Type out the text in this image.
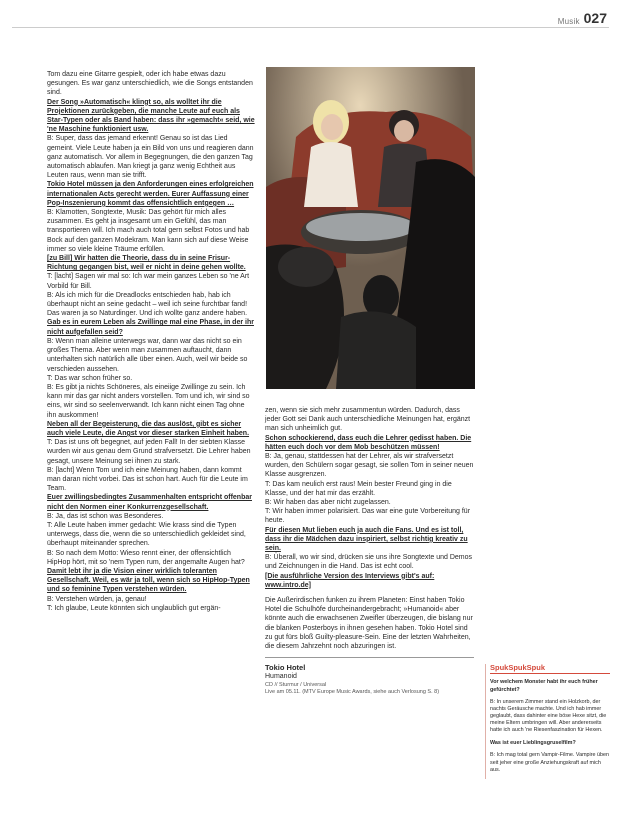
Musik 027

Tom dazu eine Gitarre gespielt, oder ich habe etwas dazu gesungen. Es war ganz unterschiedlich, wie die Songs entstanden sind.

Der Song »Automatisch« klingt so, als wolltet ihr die Projektionen zurückgeben, die manche Leute auf euch als Star-Typen oder als Band haben: dass ihr »gemacht« seid, wie 'ne Maschine funktioniert usw.

B: Super, dass das jemand erkennt! Genau so ist das Lied gemeint. Viele Leute haben ja ein Bild von uns und reagieren dann ganz automatisch. Vor allem in Begegnungen, die den ganzen Tag automatisch ablaufen. Man kriegt ja ganz wenig Echtheit aus Leuten raus, wenn man sie trifft.

Tokio Hotel müssen ja den Anforderungen eines erfolgreichen internationalen Acts gerecht werden. Eurer Auffassung einer Pop-Inszenierung kommt das offensichtlich entgegen …

B: Klamotten, Songtexte, Musik: Das gehört für mich alles zusammen. Es geht ja insgesamt um ein Gefühl, das man transportieren will. Ich mach auch total gern selbst Fotos und hab Bock auf den ganzen Modekram. Man kann sich auf diese Weise immer so viele kleine Träume erfüllen.

[zu Bill] Wir hatten die Theorie, dass du in seine Frisur-Richtung gegangen bist, weil er nicht in deine gehen wollte.

T: [lacht] Sagen wir mal so: Ich war mein ganzes Leben so 'ne Art Vorbild für Bill.

B: Als ich mich für die Dreadlocks entschieden hab, hab ich überhaupt nicht an seine gedacht – weil ich seine furchtbar fand! Das waren ja so Naturdinger. Und ich wollte ganz andere haben.

Gab es in eurem Leben als Zwillinge mal eine Phase, in der ihr nicht aufgefallen seid?

B: Wenn man alleine unterwegs war, dann war das nicht so ein großes Thema. Aber wenn man zusammen auftaucht, dann unterhalten sich natürlich alle über einen. Auch, weil wir beide so verschieden aussehen.

T: Das war schon früher so.

B: Es gibt ja nichts Schöneres, als eineiige Zwillinge zu sein. Ich kann mir das gar nicht anders vorstellen. Tom und ich, wir sind so eins, wir sind so seelenverwandt. Ich kann nicht einen Tag ohne ihn auskommen!

Neben all der Begeisterung, die das auslöst, gibt es sicher auch viele Leute, die Angst vor dieser starken Einheit haben.

T: Das ist uns oft begegnet, auf jeden Fall! In der siebten Klasse wurden wir aus genau dem Grund strafversetzt. Die Lehrer haben gesagt, unsere Meinung sei ihnen zu stark.

B: [lacht] Wenn Tom und ich eine Meinung haben, dann kommt man daran nicht vorbei. Das ist schon hart. Auch für die Leute im Team.

Euer zwillingsbedingtes Zusammenhalten entspricht offenbar nicht den Normen einer Konkurrenzgesellschaft.

B: Ja, das ist schon was Besonderes.

T: Alle Leute haben immer gedacht: Wie krass sind die Typen unterwegs, dass die, wenn die so unterschiedlich gekleidet sind, überhaupt miteinander sprechen.

B: So nach dem Motto: Wieso rennt einer, der offensichtlich HipHop hört, mit so 'nem Typen rum, der angemalte Augen hat?

Damit lebt ihr ja die Vision einer wirklich toleranten Gesellschaft. Weil, es wär ja toll, wenn sich so HipHop-Typen und so feminine Typen verstehen würden.

B: Verstehen würden, ja, genau!

T: Ich glaube, Leute könnten sich unglaublich gut ergän-

zen, wenn sie sich mehr zusammentun würden. Dadurch, dass jeder Gott sei Dank auch unterschiedliche Meinungen hat, ergänzt man sich unheimlich gut.

Schon schockierend, dass euch die Lehrer gedisst haben. Die hätten euch doch vor dem Mob beschützen müssen!

B: Ja, genau, stattdessen hat der Lehrer, als wir strafversetzt wurden, den Schülern sogar gesagt, sie sollen Tom in seiner neuen Klasse ausgrenzen.

T: Das kam neulich erst raus! Mein bester Freund ging in die Klasse, und der hat mir das erzählt.

B: Wir haben das aber nicht zugelassen.

T: Wir haben immer polarisiert. Das war eine gute Vorbereitung für heute.

Für diesen Mut lieben euch ja auch die Fans. Und es ist toll, dass ihr die Mädchen dazu inspiriert, selbst richtig kreativ zu sein.

B: Überall, wo wir sind, drücken sie uns ihre Songtexte und Demos und Zeichnungen in die Hand. Das ist echt cool.

[Die ausführliche Version des Interviews gibt's auf: www.intro.de]

Die Außerirdischen funken zu ihrem Planeten: Einst haben Tokio Hotel die Schulhöfe durcheinandergebracht; »Humanoid« aber könnte auch die erwachsenen Zweifler überzeugen, die bislang nur die blanken Posterboys in ihnen gesehen haben. Tokio Hotel sind zu gut fürs bloß Guilty-pleasure-Sein. Eine der letzten Wahrheiten, die diesem Jahrzehnt noch abzuringen ist.

Tokio Hotel
Humanoid
CD // Sturmur / Universal
Live am 05.11. (MTV Europe Music Awards, siehe auch Verlosung S. 8)
SpukSpukSpuk

Vor welchem Monster habt ihr euch früher gefürchtet?

B: In unserem Zimmer stand ein Holzkorb, der nachts Geräusche machte. Und ich hab immer geglaubt, dass dahinter eine böse Hexe sitzt, die meine Eltern umbringen will. Aber andererseits hatte ich auch 'ne Riesenfaszination für Hexen.

Was ist euer Lieblingsgruselfilm?

B: Ich mag total gern Vampir-Filme. Vampire üben seit jeher eine große Anziehungskraft auf mich aus.
